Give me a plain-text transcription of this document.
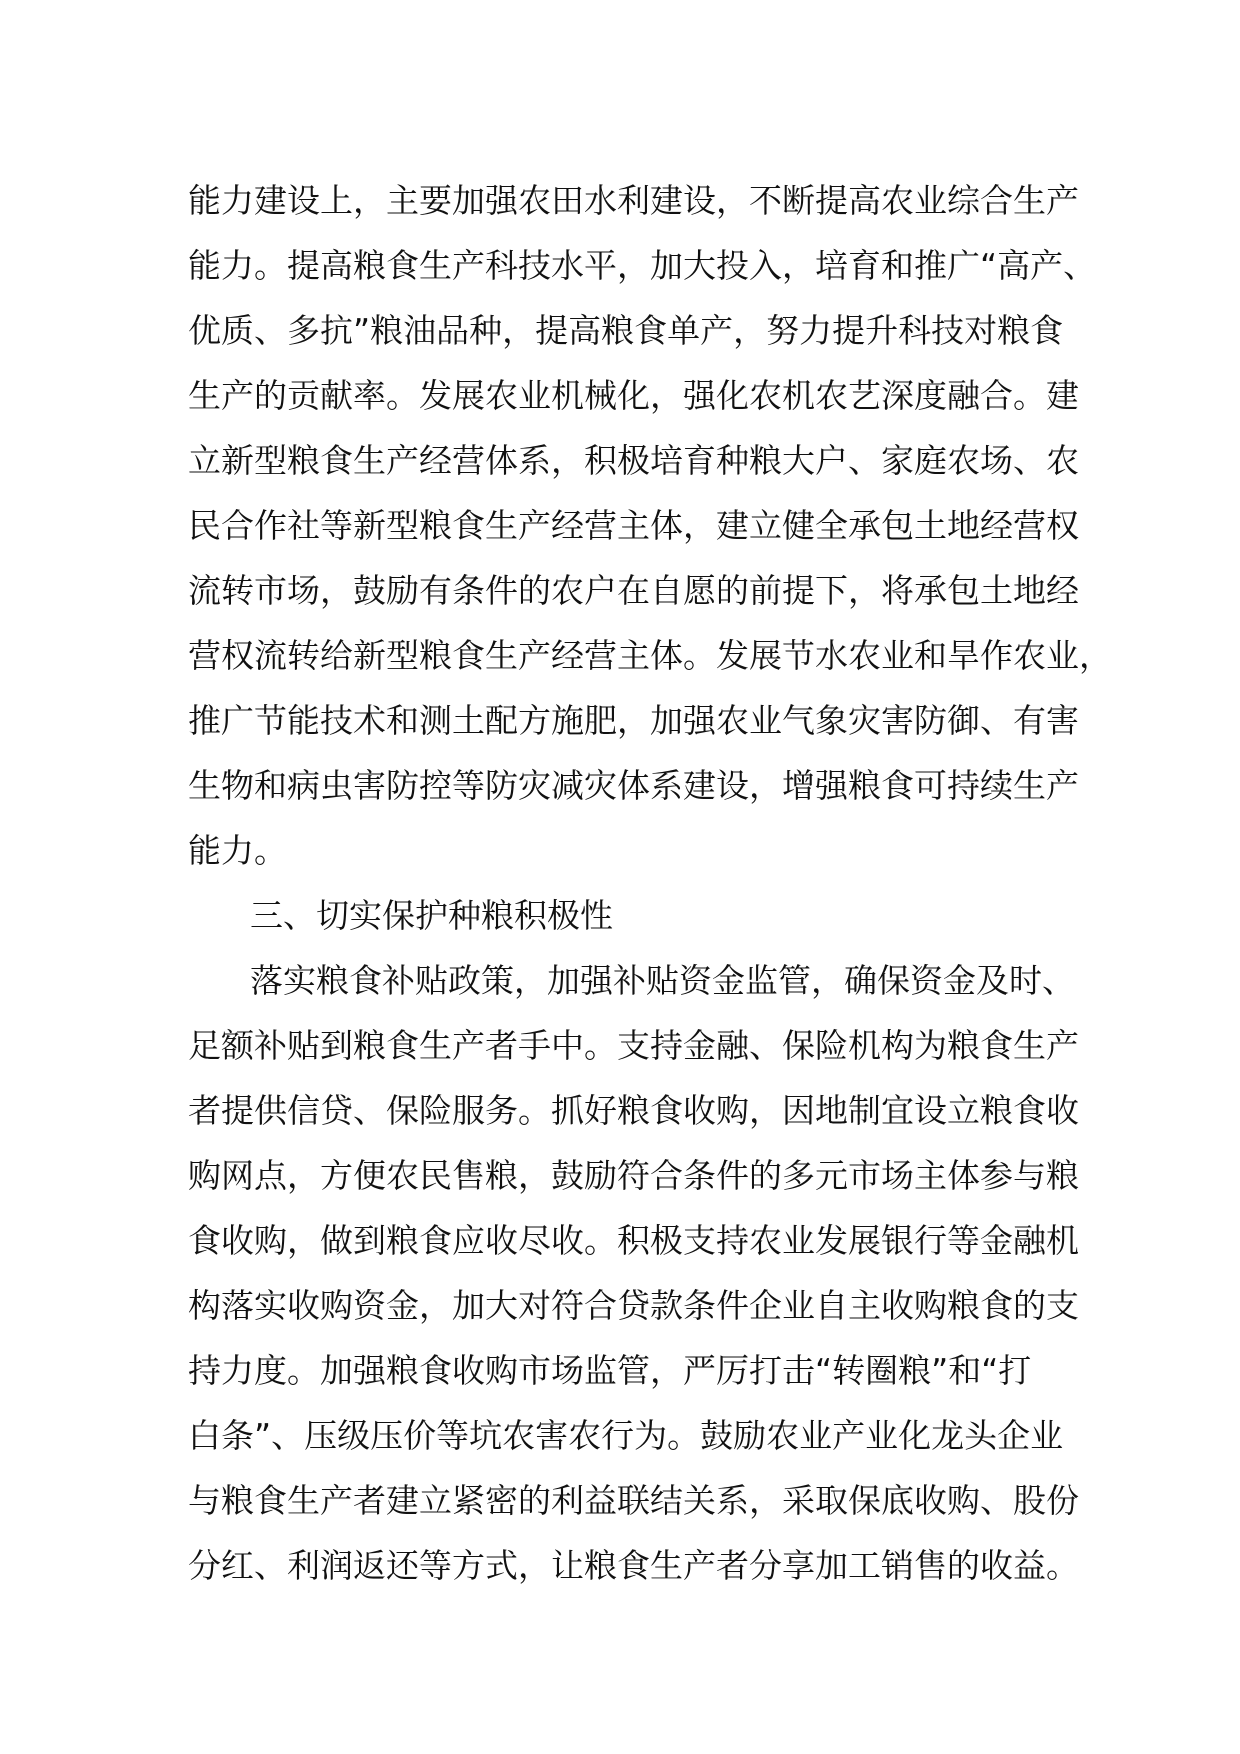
能力建设上，主要加强农田水利建设，不断提高农业综合生产
能力。提高粮食生产科技水平，加大投入，培育和推广“高产、
优质、多抗”粮油品种，提高粮食单产，努力提升科技对粮食
生产的贡献率。发展农业机械化，强化农机农艺深度融合。建
立新型粮食生产经营体系，积极培育种粮大户、家庭农场、农
民合作社等新型粮食生产经营主体，建立健全承包土地经营权
流转市场，鼓励有条件的农户在自愿的前提下，将承包土地经
营权流转给新型粮食生产经营主体。发展节水农业和旱作农业，
推广节能技术和测土配方施肥，加强农业气象灾害防御、有害
生物和病虫害防控等防灾减灾体系建设，增强粮食可持续生产
能力。
三、切实保护种粮积极性
落实粮食补贴政策，加强补贴资金监管，确保资金及时、
足额补贴到粮食生产者手中。支持金融、保险机构为粮食生产
者提供信贷、保险服务。抓好粮食收购，因地制宜设立粮食收
购网点，方便农民售粮，鼓励符合条件的多元市场主体参与粮
食收购，做到粮食应收尽收。积极支持农业发展银行等金融机
构落实收购资金，加大对符合贷款条件企业自主收购粮食的支
持力度。加强粮食收购市场监管，严厉打击“转圈粮”和“打
白条”、压级压价等坑农害农行为。鼓励农业产业化龙头企业
与粮食生产者建立紧密的利益联结关系，采取保底收购、股份
分红、利润返还等方式，让粮食生产者分享加工销售的收益。
